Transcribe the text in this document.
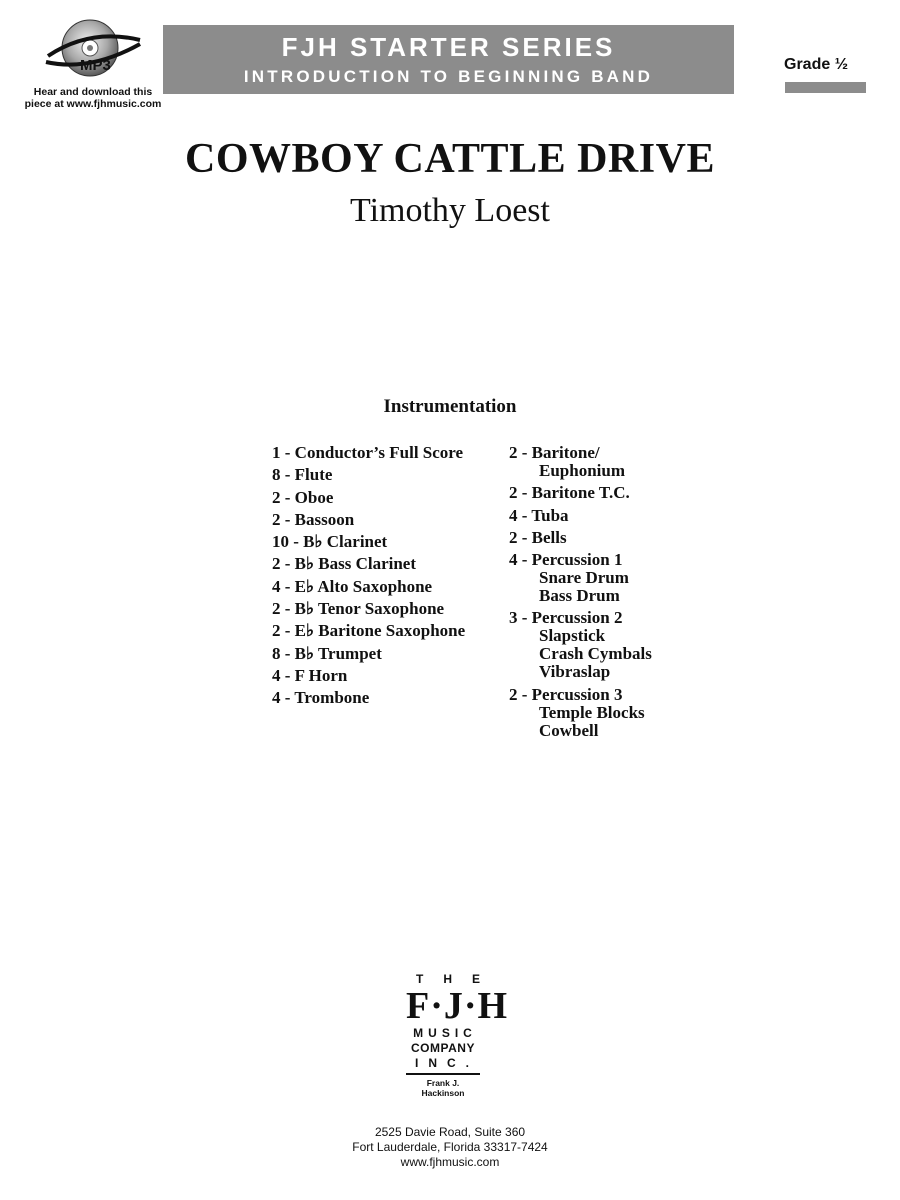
MP3
Hear and download this
piece at www.fjhmusic.com
FJH STARTER SERIES
INTRODUCTION TO BEGINNING BAND
Grade ½
COWBOY CATTLE DRIVE
Timothy Loest
Instrumentation
1 - Conductor’s Full Score
8 - Flute
2 - Oboe
2 - Bassoon
10 - B♭ Clarinet
2 - B♭ Bass Clarinet
4 - E♭ Alto Saxophone
2 - B♭ Tenor Saxophone
2 - E♭ Baritone Saxophone
8 - B♭ Trumpet
4 - F Horn
4 - Trombone
2 - Baritone/
Euphonium
2 - Baritone T.C.
4 - Tuba
2 - Bells
4 - Percussion 1
Snare Drum
Bass Drum
3 - Percussion 2
Slapstick
Crash Cymbals
Vibraslap
2 - Percussion 3
Temple Blocks
Cowbell
THE
F·J·H
MUSIC
COMPANY
INC.
Frank J. Hackinson
2525 Davie Road, Suite 360
Fort Lauderdale, Florida 33317-7424
www.fjhmusic.com
